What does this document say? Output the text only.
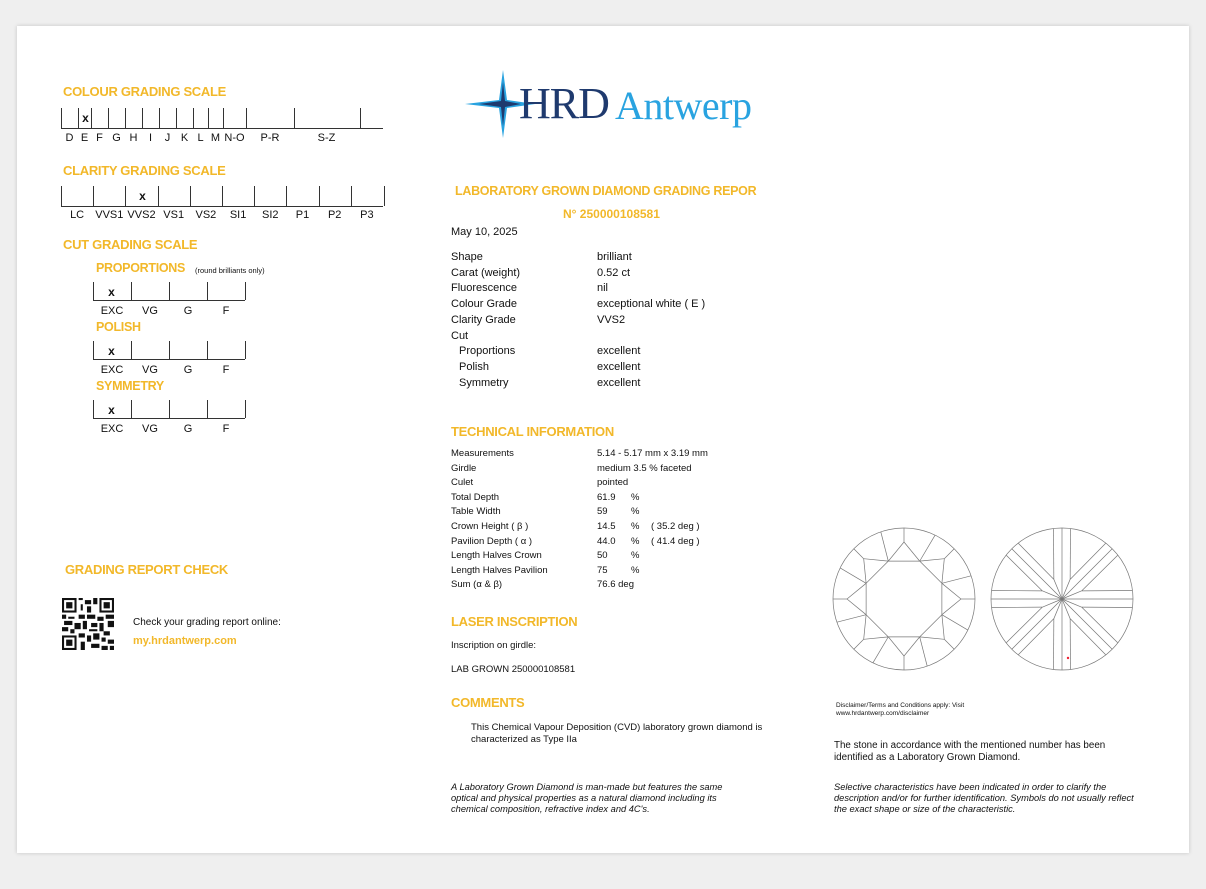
COLOUR GRADING SCALE
x
D E F G H I J K L M N-O P-R	S-Z
CLARITY GRADING SCALE
x
LC VVS1 VVS2 VS1 VS2 SI1 SI2 P1 P2 P3
CUT GRADING SCALE
PROPORTIONS (round brilliants only)
x
EXC VG G	F
POLISH
x
EXC VG G	F
SYMMETRY
x
EXC VG G	F
GRADING REPORT CHECK
Check your grading report online:
my.hrdantwerp.com
HRD Antwerp
LABORATORY GROWN DIAMOND GRADING REPOR
N° 250000108581
May 10, 2025
Shape	brilliant
Carat (weight)	0.52 ct
Fluorescence	nil
Colour Grade	exceptional white ( E )
Clarity Grade	VVS2
Cut
Proportions	excellent
Polish	excellent
Symmetry	excellent
TECHNICAL INFORMATION
Measurements	5.14 - 5.17 mm x 3.19 mm
Girdle	medium 3.5 % faceted
Culet	pointed
Total Depth	61.9 %
Table Width	59 %
Crown Height ( β )	14.5 % ( 35.2 deg )
Pavilion Depth ( α )	44.0 % ( 41.4 deg )
Length Halves Crown	50 %
Length Halves Pavilion	75 %
Sum (α & β)	76.6 deg
LASER INSCRIPTION
Inscription on girdle:
LAB GROWN 250000108581
COMMENTS
This Chemical Vapour Deposition (CVD) laboratory grown diamond is characterized as Type IIa
A Laboratory Grown Diamond is man-made but features the same optical and physical properties as a natural diamond including its chemical composition, refractive index and 4C's.
Disclaimer/Terms and Conditions apply: Visit
www.hrdantwerp.com/disclaimer
The stone in accordance with the mentioned number has been identified as a Laboratory Grown Diamond.
Selective characteristics have been indicated in order to clarify the description and/or for further identification. Symbols do not usually reflect the exact shape or size of the characteristic.
